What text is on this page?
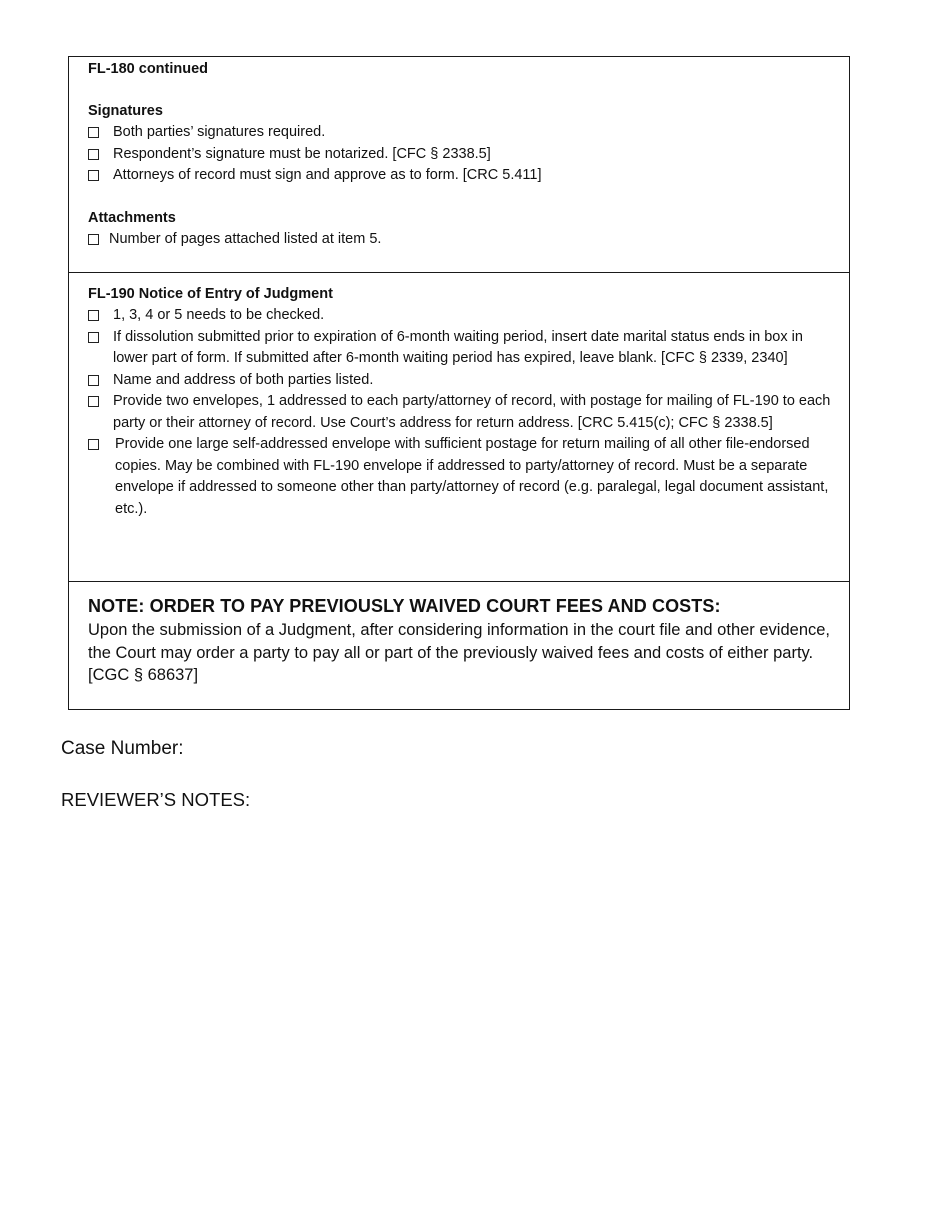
FL-180 continued
Signatures
Both parties’ signatures required.
Respondent’s signature must be notarized. [CFC § 2338.5]
Attorneys of record must sign and approve as to form. [CRC 5.411]
Attachments
Number of pages attached listed at item 5.
FL-190 Notice of Entry of Judgment
1, 3, 4 or 5 needs to be checked.
If dissolution submitted prior to expiration of 6-month waiting period, insert date marital status ends in box in lower part of form. If submitted after 6-month waiting period has expired, leave blank. [CFC § 2339, 2340]
Name and address of both parties listed.
Provide two envelopes, 1 addressed to each party/attorney of record, with postage for mailing of FL-190 to each party or their attorney of record. Use Court’s address for return address. [CRC 5.415(c); CFC § 2338.5]
Provide one large self-addressed envelope with sufficient postage for return mailing of all other file-endorsed copies. May be combined with FL-190 envelope if addressed to party/attorney of record. Must be a separate envelope if addressed to someone other than party/attorney of record (e.g. paralegal, legal document assistant, etc.).
NOTE: ORDER TO PAY PREVIOUSLY WAIVED COURT FEES AND COSTS:
Upon the submission of a Judgment, after considering information in the court file and other evidence, the Court may order a party to pay all or part of the previously waived fees and costs of either party. [CGC § 68637]
Case Number:
REVIEWER’S NOTES:
